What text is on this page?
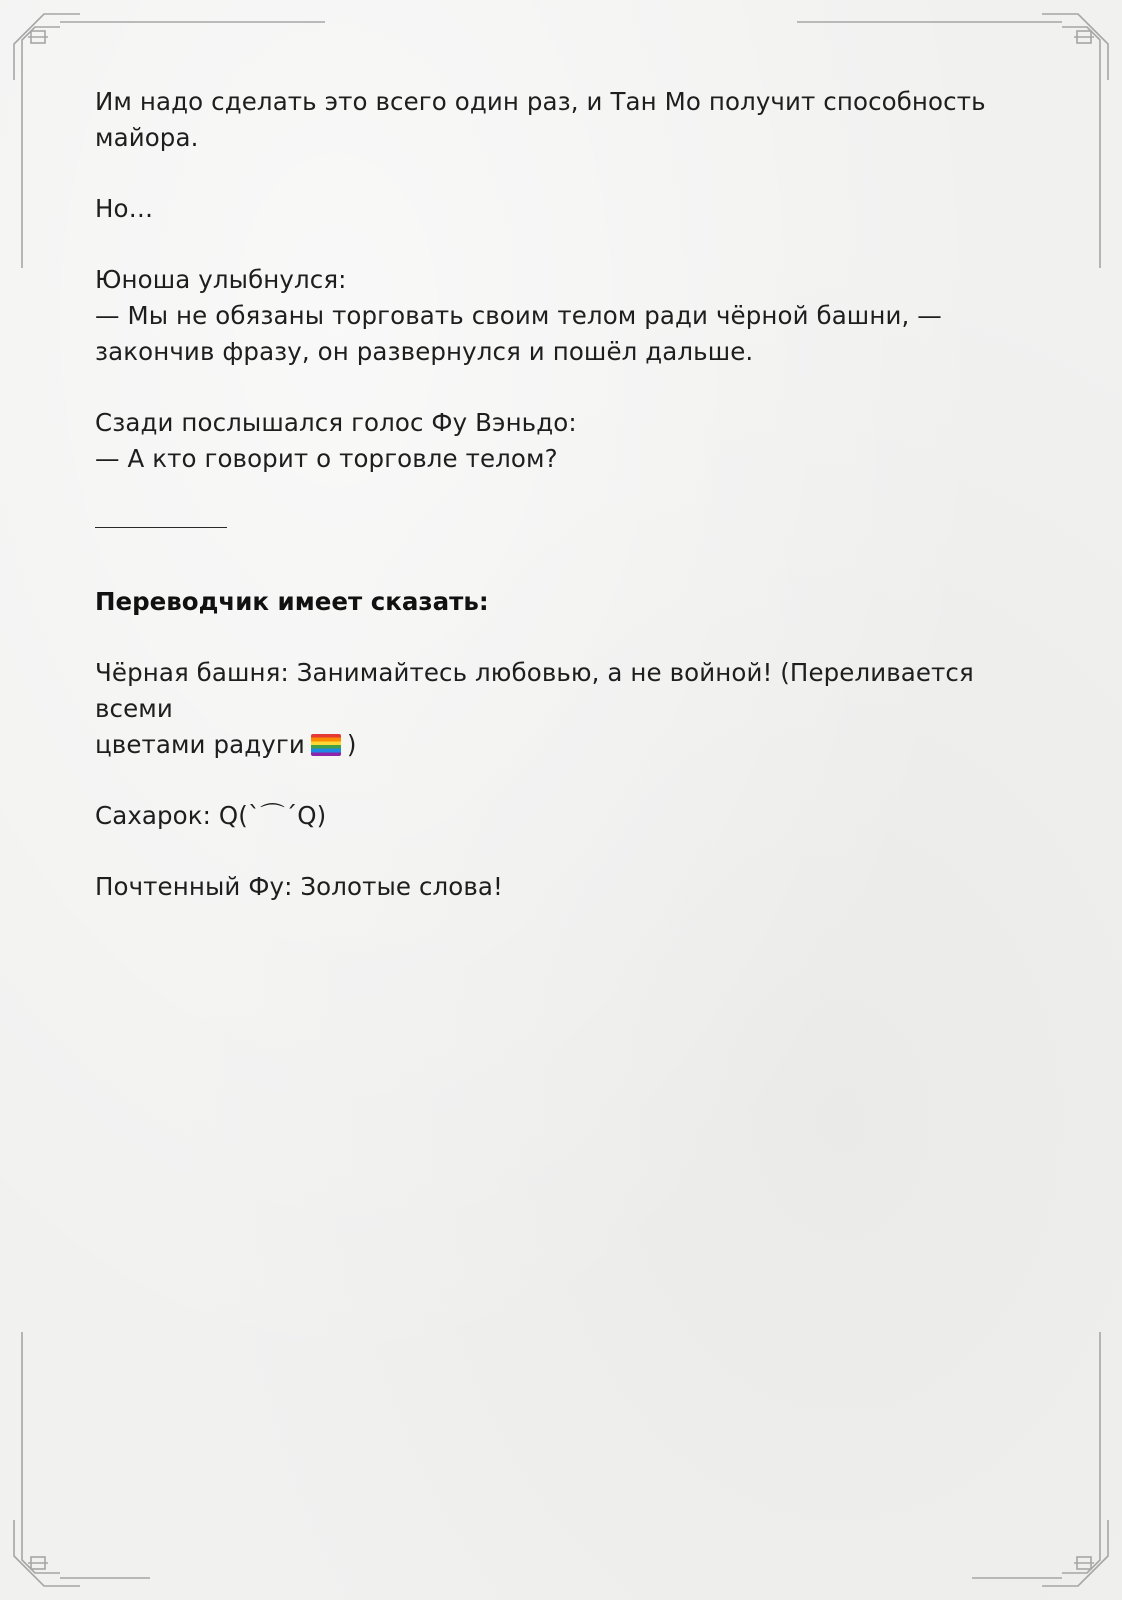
Им надо сделать это всего один раз, и Тан Мо получит способность
майора.

Но…

Юноша улыбнулся:
— Мы не обязаны торговать своим телом ради чёрной башни, —
закончив фразу, он развернулся и пошёл дальше.

Сзади послышался голос Фу Вэньдо:
— А кто говорит о торговле телом?

Переводчик имеет сказать:

Чёрная башня: Занимайтесь любовью, а не войной! (Переливается всеми
цветами радуги )

Сахарок: Q(`⌒´Q)

Почтенный Фу: Золотые слова!
